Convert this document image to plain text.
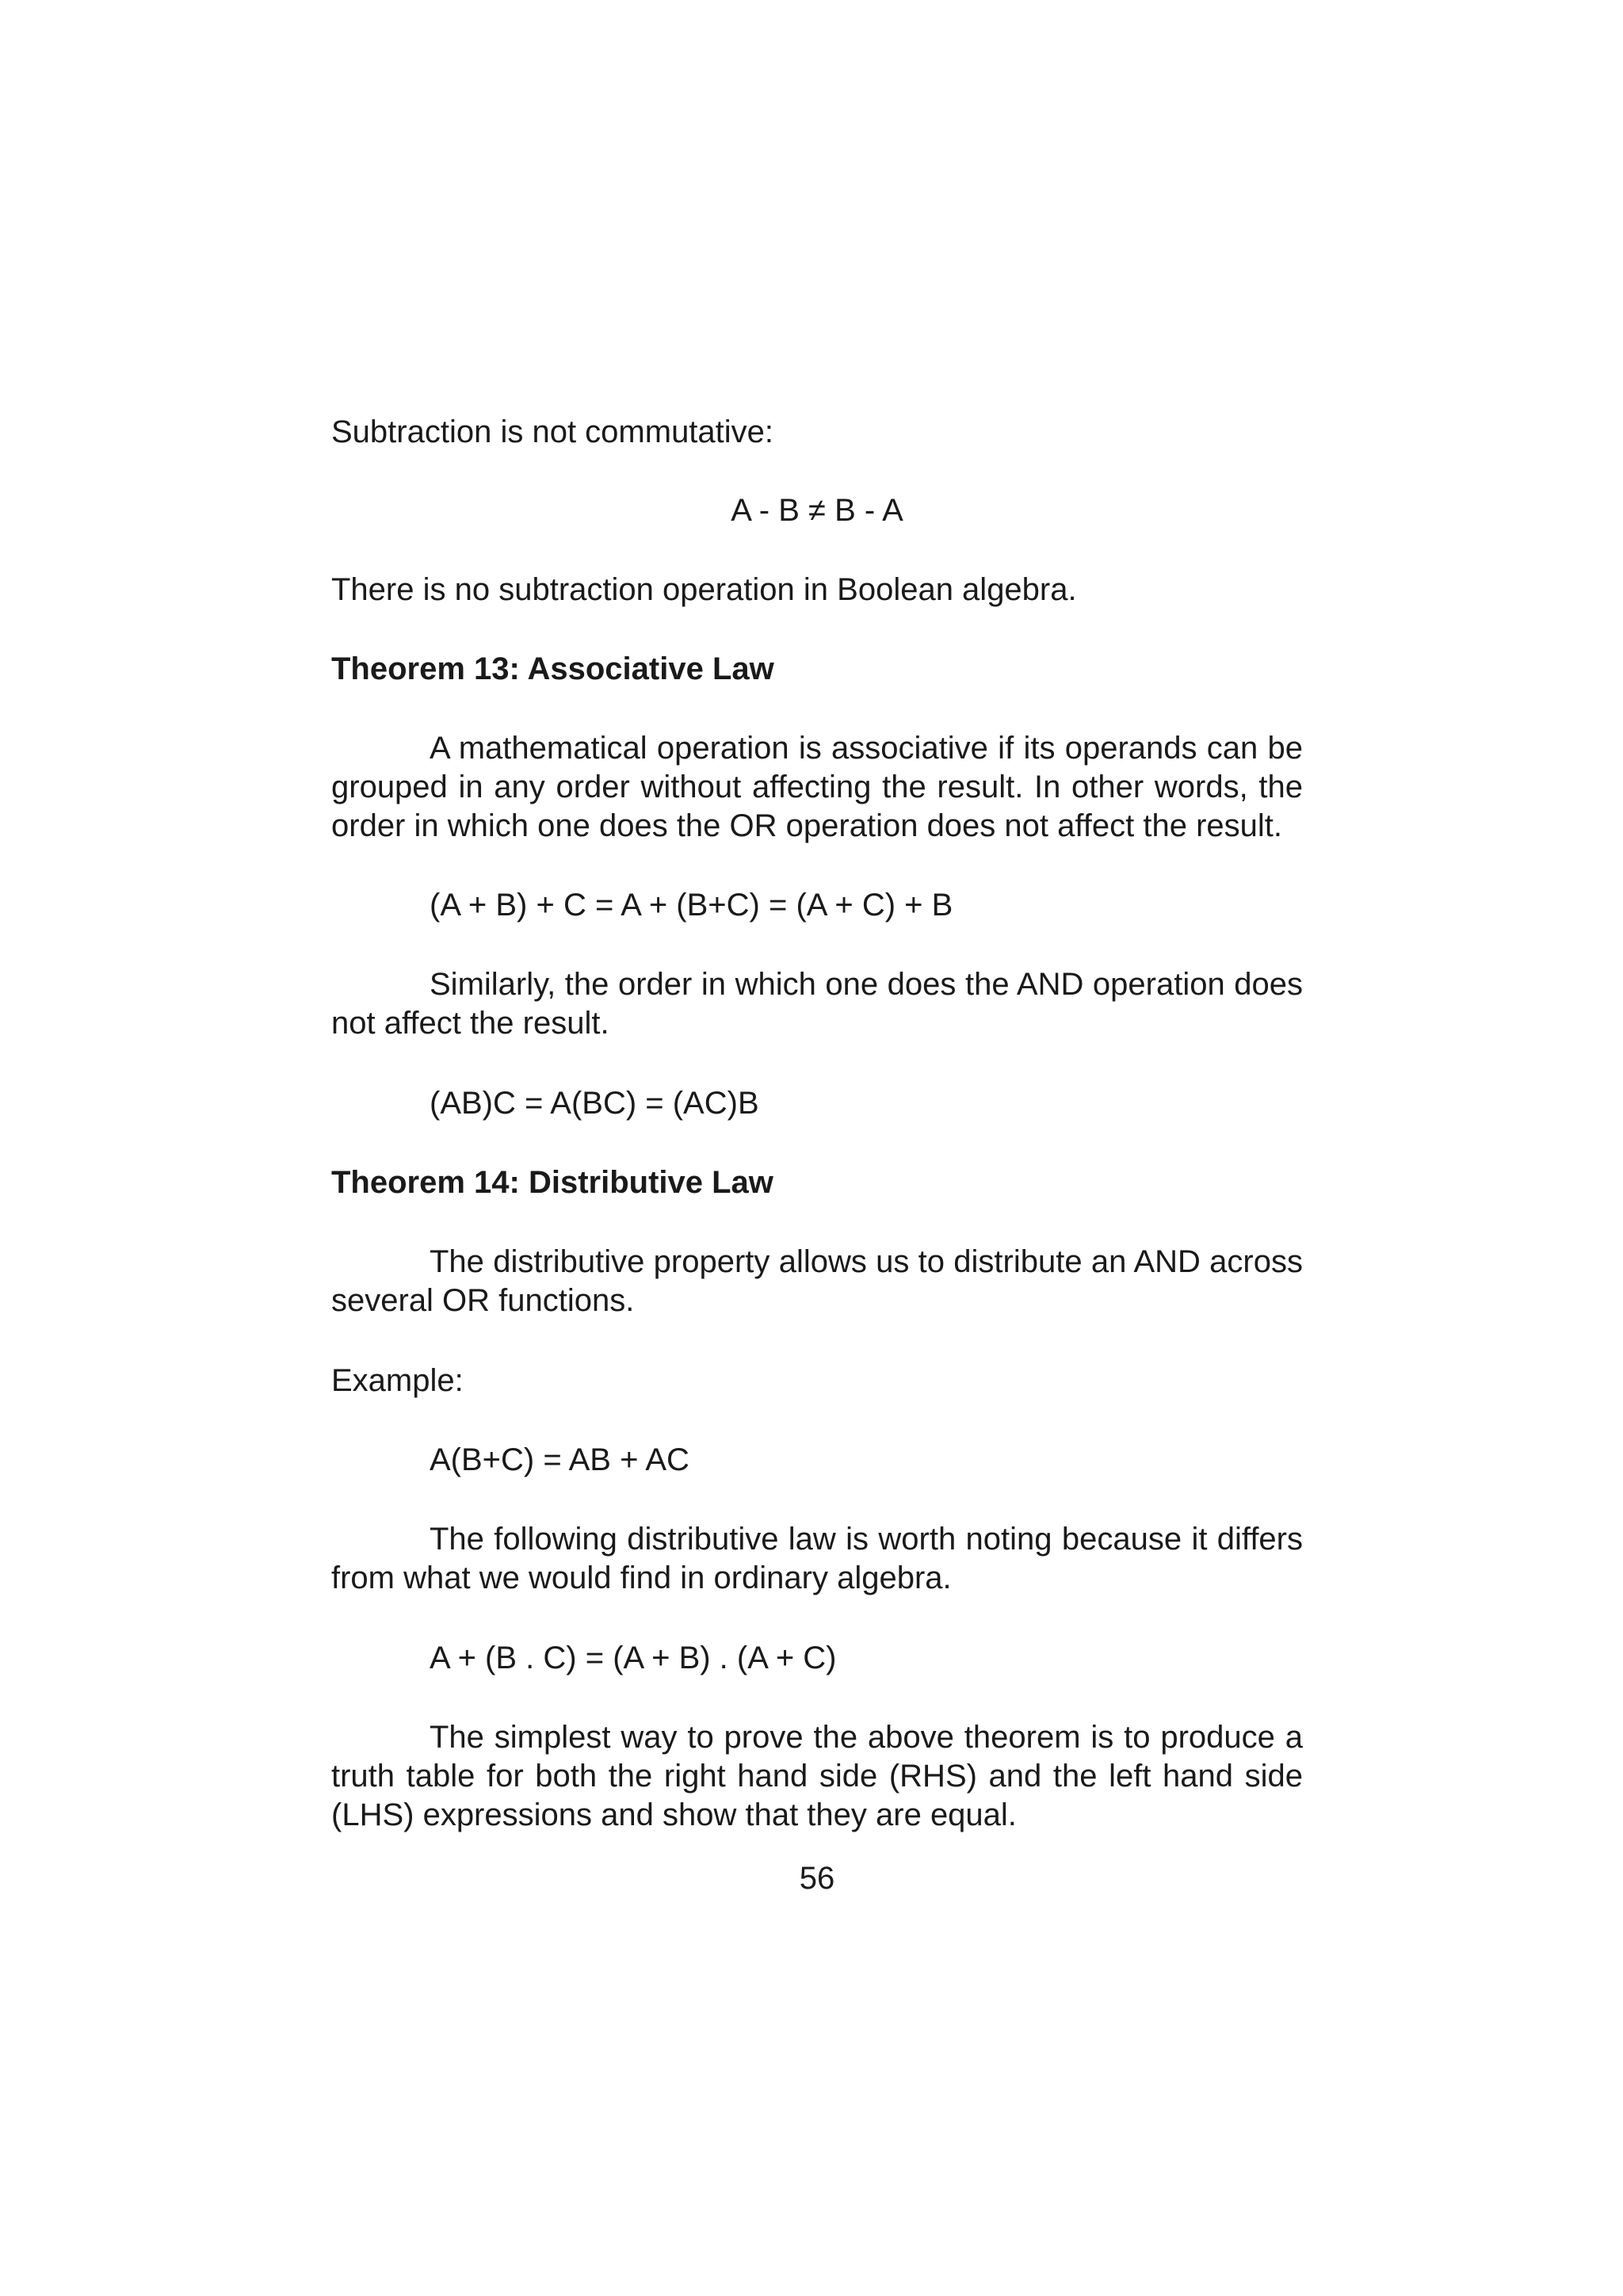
Subtraction is not commutative:
A - B ≠ B - A
There is no subtraction operation in Boolean algebra.
Theorem 13: Associative Law
A mathematical operation is associative if its operands can be grouped in any order without affecting the result. In other words, the order in which one does the OR operation does not affect the result.
(A + B) + C = A + (B+C) = (A + C) + B
Similarly, the order in which one does the AND operation does not affect the result.
(AB)C = A(BC) = (AC)B
Theorem 14: Distributive Law
The distributive property allows us to distribute an AND across several OR functions.
Example:
A(B+C) = AB + AC
The following distributive law is worth noting because it differs from what we would find in ordinary algebra.
A + (B . C) = (A + B) . (A + C)
The simplest way to prove the above theorem is to produce a truth table for both the right hand side (RHS) and the left hand side (LHS) expressions and show that they are equal.
56
